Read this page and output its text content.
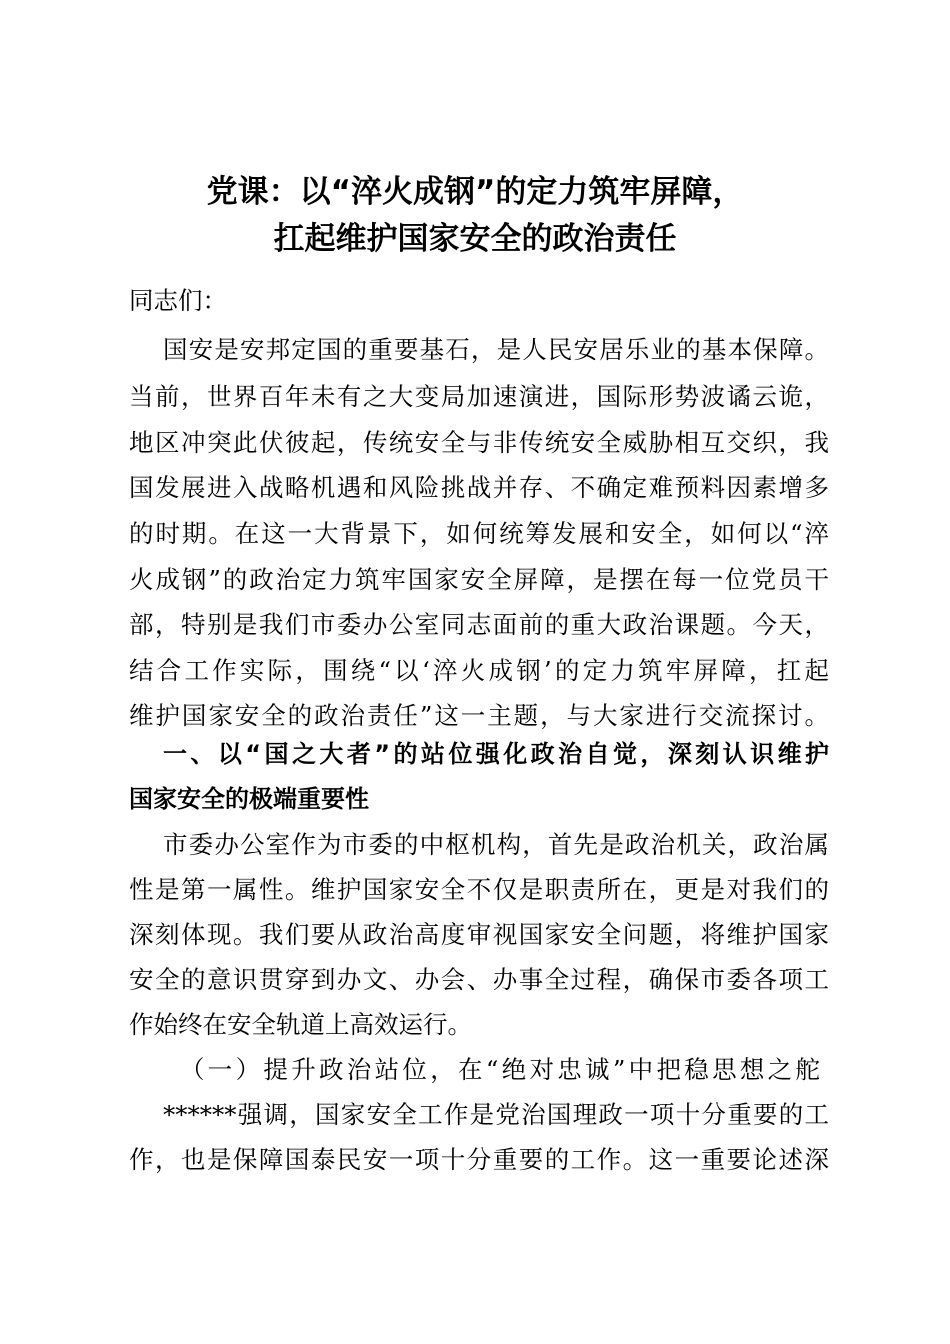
党课：以“淬火成钢”的定力筑牢屏障，
扛起维护国家安全的政治责任
同志们：
国安是安邦定国的重要基石，是人民安居乐业的基本保障。
当前，世界百年未有之大变局加速演进，国际形势波谲云诡，
地区冲突此伏彼起，传统安全与非传统安全威胁相互交织，我
国发展进入战略机遇和风险挑战并存、不确定难预料因素增多
的时期。在这一大背景下，如何统筹发展和安全，如何以“淬
火成钢”的政治定力筑牢国家安全屏障，是摆在每一位党员干
部，特别是我们市委办公室同志面前的重大政治课题。今天，
结合工作实际，围绕“以‘淬火成钢’的定力筑牢屏障，扛起
维护国家安全的政治责任”这一主题，与大家进行交流探讨。
一、以“国之大者”的站位强化政治自觉，深刻认识维护
国家安全的极端重要性
市委办公室作为市委的中枢机构，首先是政治机关，政治属
性是第一属性。维护国家安全不仅是职责所在，更是对我们的
深刻体现。我们要从政治高度审视国家安全问题，将维护国家
安全的意识贯穿到办文、办会、办事全过程，确保市委各项工
作始终在安全轨道上高效运行。
（一）提升政治站位，在“绝对忠诚”中把稳思想之舵
******强调，国家安全工作是党治国理政一项十分重要的工
作，也是保障国泰民安一项十分重要的工作。这一重要论述深
